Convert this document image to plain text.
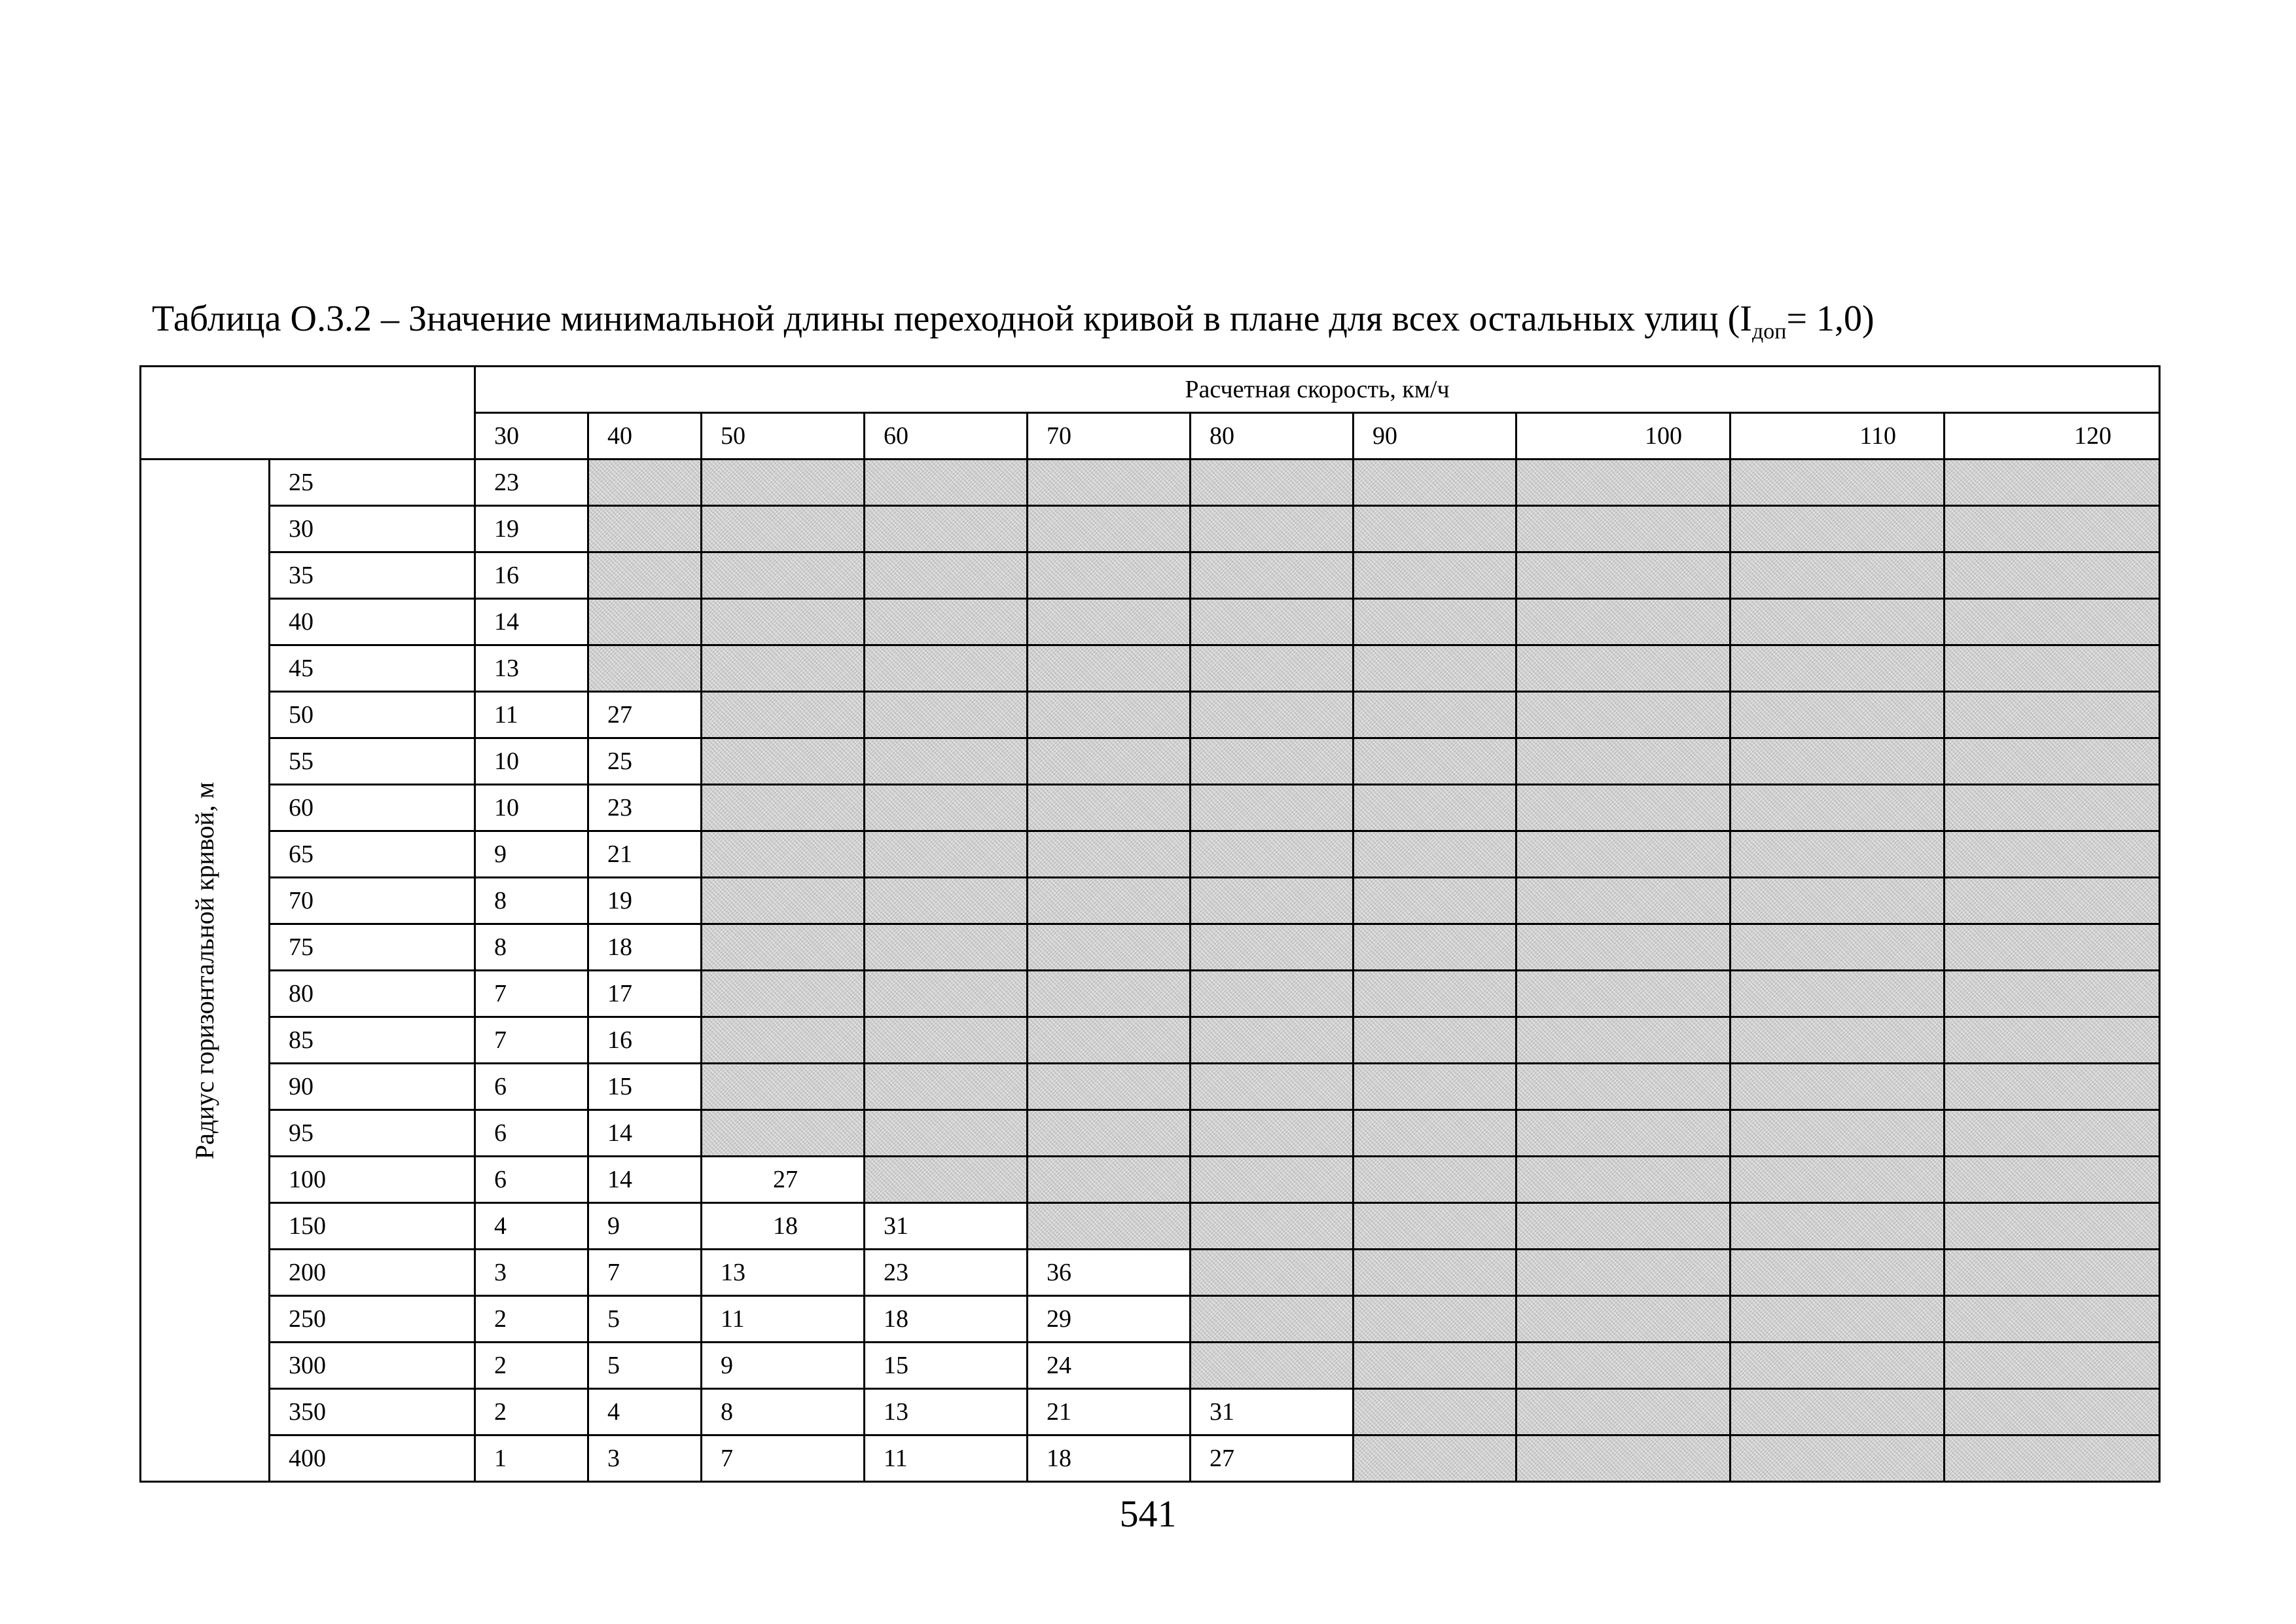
Таблица О.3.2 – Значение минимальной длины переходной кривой в плане для всех остальных улиц $(I_{доп}= 1,0)$
		Расчетная скорость, км/ч									
		30	40	50	60	70	80	90	100	110	120

Радиус горизонтальной кривой, м	25	23									
	30	19									
	35	16									
	40	14									
	45	13									
	50	11	27								
	55	10	25								
	60	10	23								
	65	9	21								
	70	8	19								
	75	8	18								
	80	7	17								
	85	7	16								
	90	6	15								
	95	6	14								
	100	6	14	27							
	150	4	9	18	31						
	200	3	7	13	23	36					
	250	2	5	11	18	29					
	300	2	5	9	15	24					
	350	2	4	8	13	21	31				
	400	1	3	7	11	18	27				
541
